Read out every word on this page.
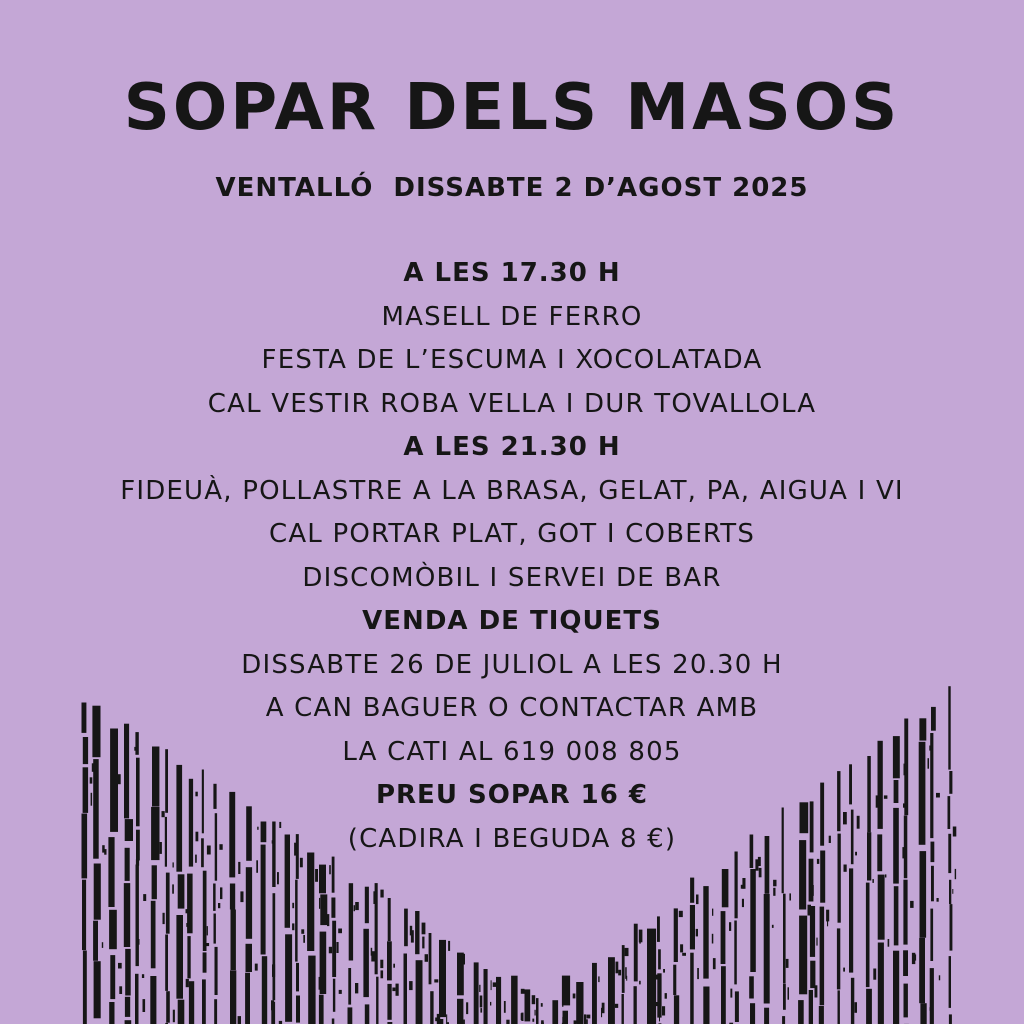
SOPAR DELS MASOS
VENTALLÓ  DISSABTE 2 D’AGOST 2025
A LES 17.30 H
MASELL DE FERRO
FESTA DE L’ESCUMA I XOCOLATADA
CAL VESTIR ROBA VELLA I DUR TOVALLOLA
A LES 21.30 H
FIDEUÀ, POLLASTRE A LA BRASA, GELAT, PA, AIGUA I VI
CAL PORTAR PLAT, GOT I COBERTS
DISCOMÒBIL I SERVEI DE BAR
VENDA DE TIQUETS
DISSABTE 26 DE JULIOL A LES 20.30 H
A CAN BAGUER O CONTACTAR AMB
LA CATI AL 619 008 805
PREU SOPAR 16 €
(CADIRA I BEGUDA 8 €)
